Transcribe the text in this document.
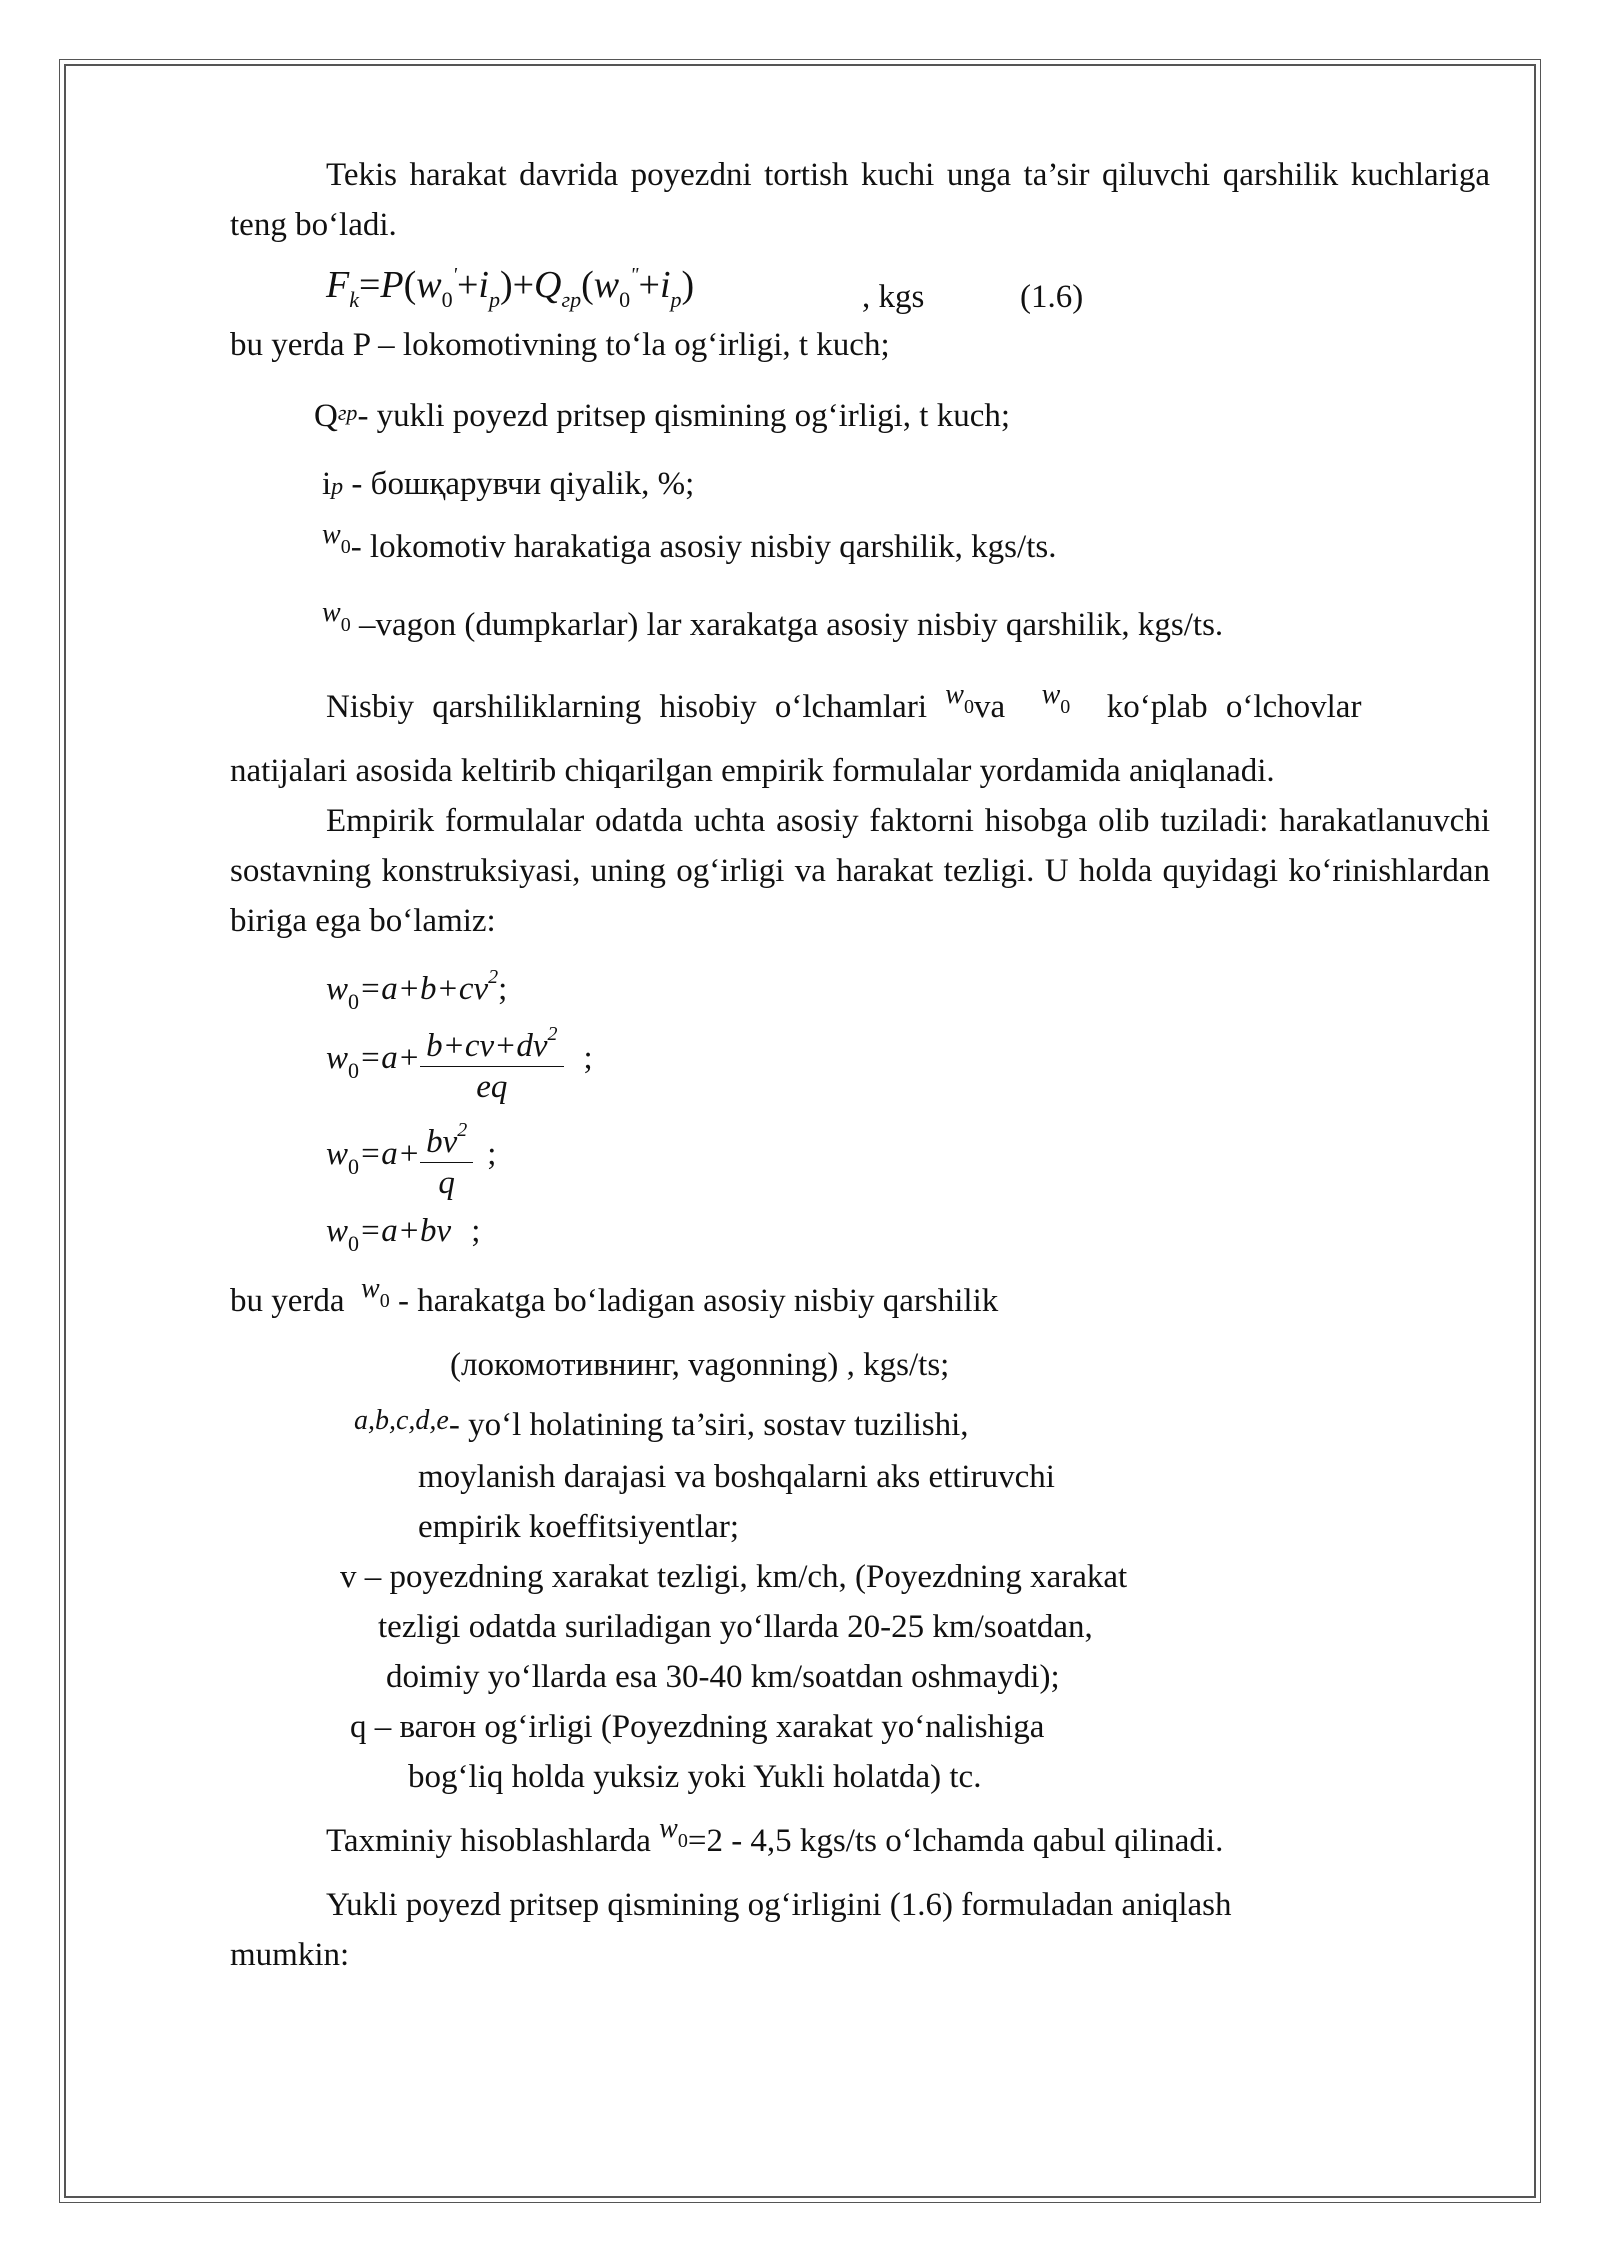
Tekis harakat davrida poyezdni tortish kuchi unga ta’sir qiluvchi qarshilik kuchlariga teng bo‘ladi.

$F_k=P(w_0'+i_p)+Q_{гр}(w_0^"+i_p)$	, kgs	(1.6)

bu yerda P – lokomotivning to‘la og‘irligi, t kuch;

Qгр- yukli poyezd pritsep qismining og‘irligi, t kuch;

iр - бошқарувчи qiyalik, %;

$^{w_0}$- lokomotiv harakatiga asosiy nisbiy qarshilik, kgs/ts.

$^{w_0}$ –vagon (dumpkarlar) lar xarakatga asosiy nisbiy qarshilik, kgs/ts.

Nisbiy qarshiliklarning hisobiy o‘lchamlari $^{w_0}$va $^{w_0}$ ko‘plab o‘lchovlar

natijalari asosida keltirib chiqarilgan empirik formulalar yordamida aniqlanadi.

Empirik formulalar odatda uchta asosiy faktorni hisobga olib tuziladi: harakatlanuvchi sostavning konstruksiyasi, uning og‘irligi va harakat tezligi. U holda quyidagi ko‘rinishlardan biriga ega bo‘lamiz:

$w_0=a+b+cv^2$;
$w_0=a+ \frac{b+cv+dv^2}{eq}$ ;
$w_0=a+ \frac{bv^2}{q}$ ;
$w_0=a+bv$ ;

bu yerda $^{w_0}$ - harakatga bo‘ladigan asosiy nisbiy qarshilik

(локомотивнинг, vagonning) , kgs/ts;

a,b,c,d,e- yo‘l holatining ta’siri, sostav tuzilishi,

moylanish darajasi va boshqalarni aks ettiruvchi

empirik koeffitsiyentlar;

v – poyezdning xarakat tezligi, km/ch, (Poyezdning xarakat

tezligi odatda suriladigan yo‘llarda 20-25 km/soatdan,

doimiy yo‘llarda esa 30-40 km/soatdan oshmaydi);

q – вагон og‘irligi (Poyezdning xarakat yo‘nalishiga

bog‘liq holda yuksiz yoki Yukli holatda) tc.

Taxminiy hisoblashlarda $^{w_0}$=2 - 4,5 kgs/ts o‘lchamda qabul qilinadi.

Yukli poyezd pritsep qismining og‘irligini (1.6) formuladan aniqlash

mumkin:
